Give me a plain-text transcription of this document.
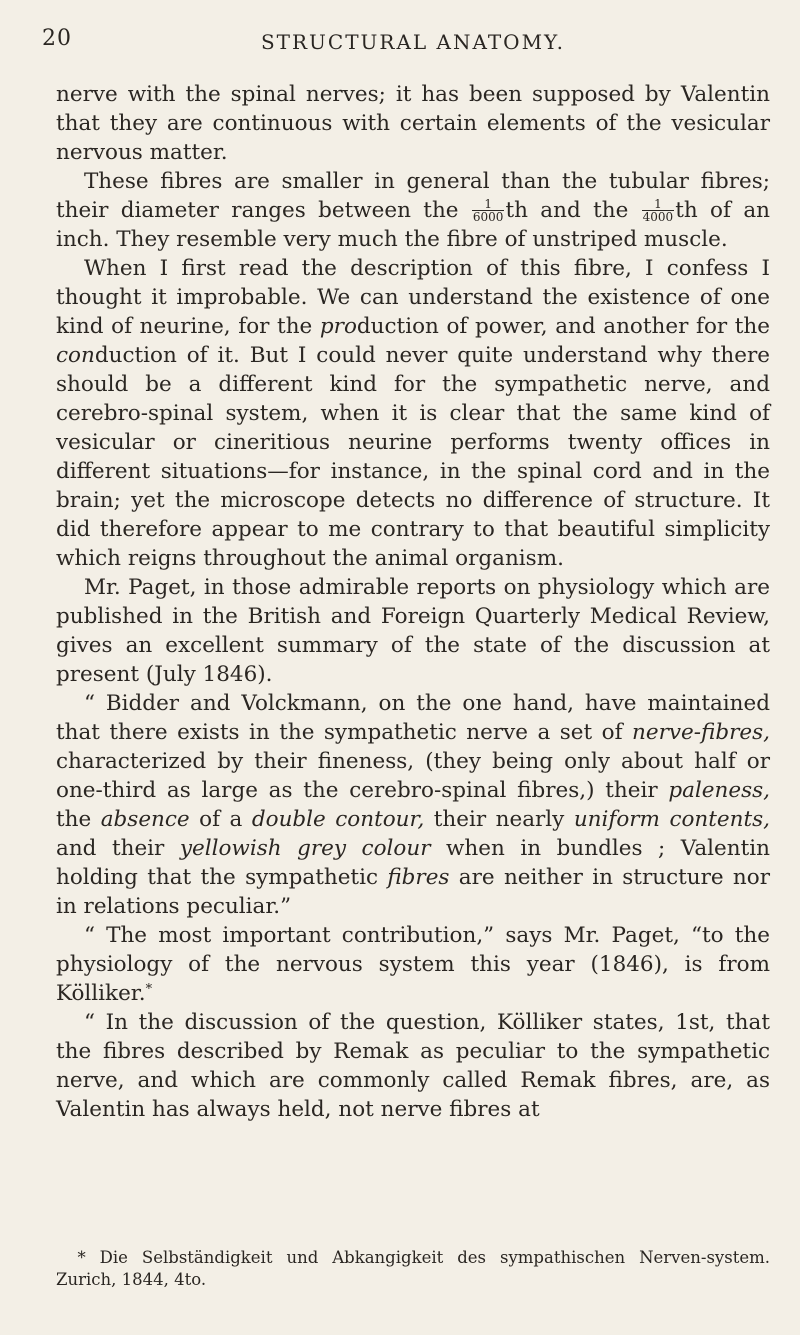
20	STRUCTURAL ANATOMY.

nerve with the spinal nerves; it has been supposed by Valentin that they are continuous with certain elements of the vesicular nervous matter.

These fibres are smaller in general than the tubular fibres; their diameter ranges between the $\frac{1}{6000}$ th and the $\frac{1}{4000}$ th of an inch. They resemble very much the fibre of unstriped muscle.

When I first read the description of this fibre, I confess I thought it improbable. We can understand the existence of one kind of neurine, for the production of power, and another for the conduction of it. But I could never quite understand why there should be a different kind for the sympathetic nerve, and cerebro-spinal system, when it is clear that the same kind of vesicular or cineritious neurine performs twenty offices in different situations—for instance, in the spinal cord and in the brain; yet the microscope detects no difference of structure. It did therefore appear to me contrary to that beautiful simplicity which reigns throughout the animal organism.

Mr. Paget, in those admirable reports on physiology which are published in the British and Foreign Quarterly Medical Review, gives an excellent summary of the state of the discussion at present (July 1846).

“ Bidder and Volckmann, on the one hand, have maintained that there exists in the sympathetic nerve a set of nerve-fibres, characterized by their fineness, (they being only about half or one-third as large as the cerebro-spinal fibres,) their paleness, the absence of a double contour, their nearly uniform contents, and their yellowish grey colour when in bundles ; Valentin holding that the sympathetic fibres are neither in structure nor in relations peculiar.”

“ The most important contribution,” says Mr. Paget, “to the physiology of the nervous system this year (1846), is from Kölliker.*

“ In the discussion of the question, Kölliker states, 1st, that the fibres described by Remak as peculiar to the sympathetic nerve, and which are commonly called Remak fibres, are, as Valentin has always held, not nerve fibres at

* Die Selbständigkeit und Abkangigkeit des sympathischen Nerven-system. Zurich, 1844, 4to.
